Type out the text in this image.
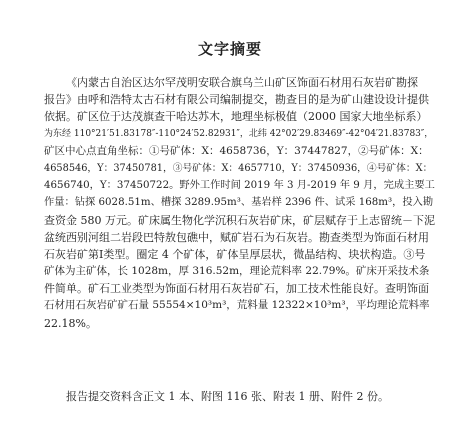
文字摘要
《内蒙古自治区达尔罕茂明安联合旗乌兰山矿区饰面石材用石灰岩矿勘探
报告》由呼和浩特太古石材有限公司编制提交，勘查目的是为矿山建设设计提供
依据。矿区位于达茂旗查干哈达苏木，地理坐标极值（2000 国家大地坐标系）
为东经 110°21′51.83178″-110°24′52.82931″，北纬 42°02′29.83469″-42°04′21.83783″，
矿区中心点直角坐标：①号矿体：X：4658736，Y：37447827，②号矿体：X：
4658546，Y：37450781，③号矿体：X：4657710，Y：37450936，④号矿体：X：
4656740，Y：37450722。野外工作时间 2019 年 3 月-2019 年 9 月，完成主要工
作量：钻探 6028.51m、槽探 3289.95m³、基岩样 2396 件、试采 168m³，投入勘
查资金 580 万元。矿床属生物化学沉积石灰岩矿床，矿层赋存于上志留统－下泥
盆统西别河组二岩段巴特敖包礁中，赋矿岩石为石灰岩。勘查类型为饰面石材用
石灰岩矿第Ⅰ类型。圈定 4 个矿体，矿体呈厚层状，微晶结构、块状构造。③号
矿体为主矿体，长 1028m，厚 316.52m，理论荒料率 22.79%。矿床开采技术条
件简单。矿石工业类型为饰面石材用石灰岩矿石，加工技术性能良好。查明饰面
石材用石灰岩矿矿石量 55554×10³m³，荒料量 12322×10³m³，平均理论荒料率
22.18%。
报告提交资料含正文 1 本、附图 116 张、附表 1 册、附件 2 份。
